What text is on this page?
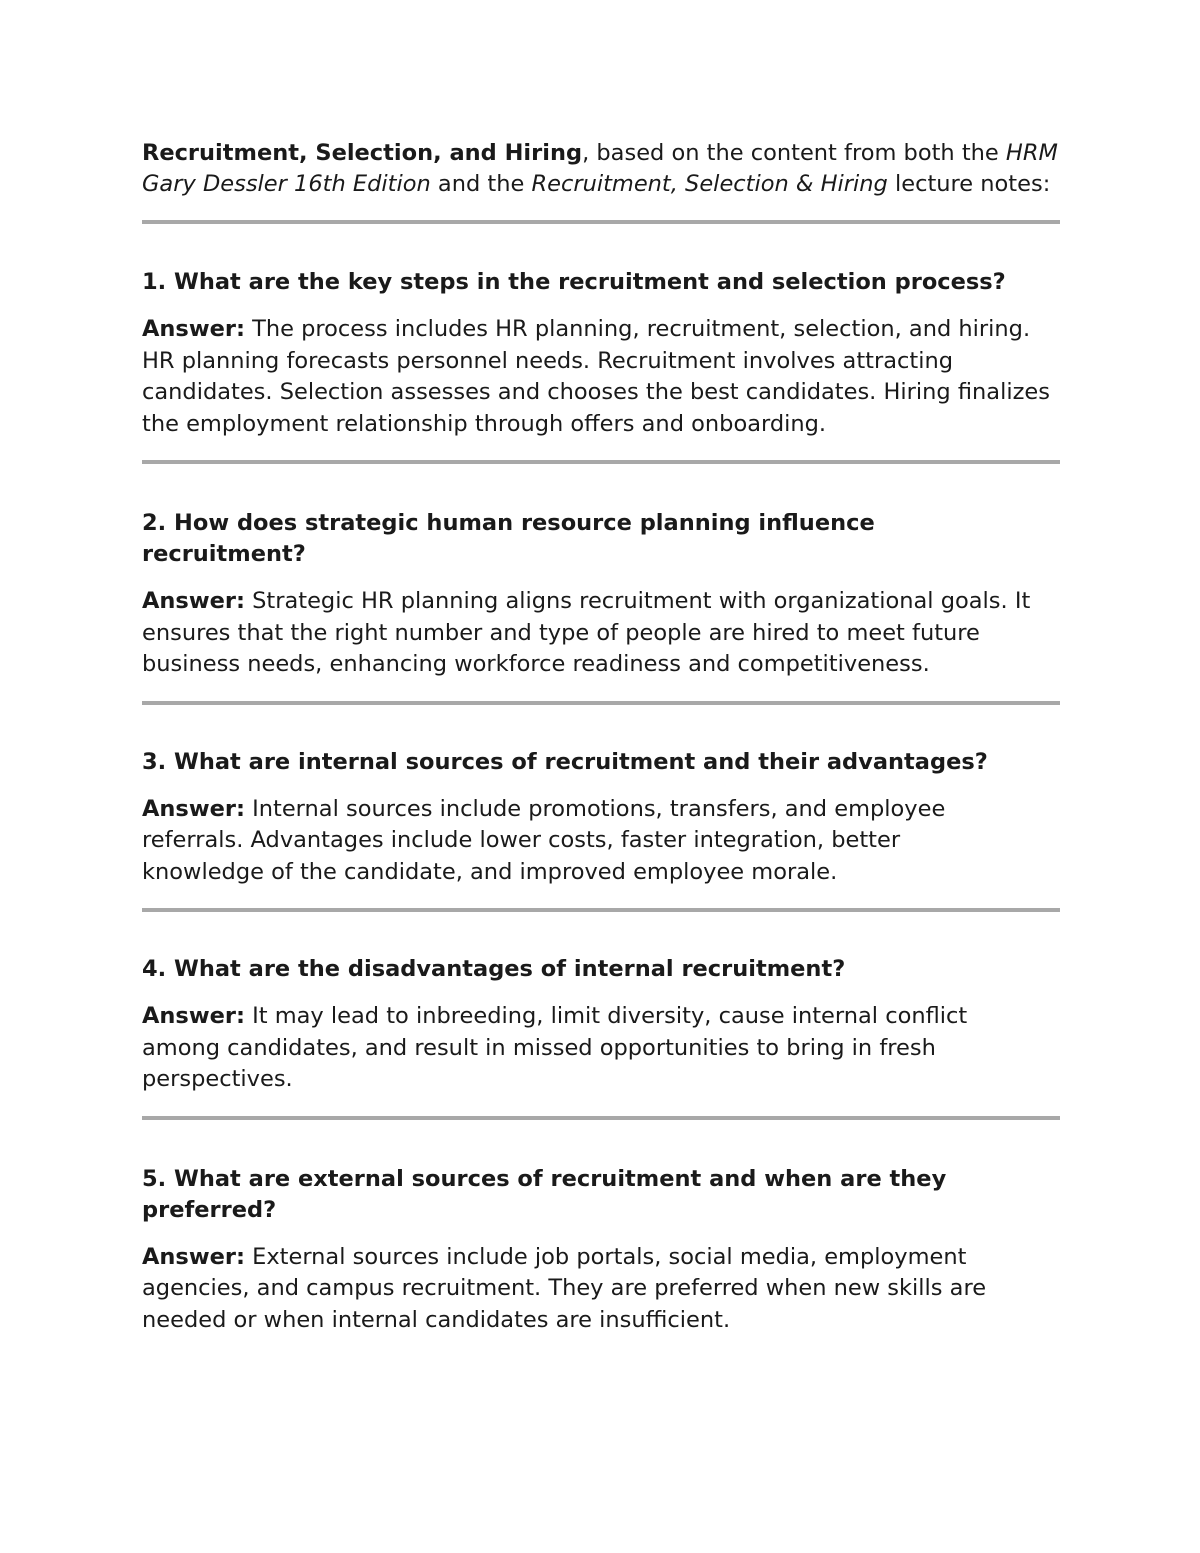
Recruitment, Selection, and Hiring, based on the content from both the HRM Gary Dessler 16th Edition and the Recruitment, Selection & Hiring lecture notes:

1. What are the key steps in the recruitment and selection process?

Answer: The process includes HR planning, recruitment, selection, and hiring. HR planning forecasts personnel needs. Recruitment involves attracting candidates. Selection assesses and chooses the best candidates. Hiring finalizes the employment relationship through offers and onboarding.

2. How does strategic human resource planning influence recruitment?

Answer: Strategic HR planning aligns recruitment with organizational goals. It ensures that the right number and type of people are hired to meet future business needs, enhancing workforce readiness and competitiveness.

3. What are internal sources of recruitment and their advantages?

Answer: Internal sources include promotions, transfers, and employee referrals. Advantages include lower costs, faster integration, better knowledge of the candidate, and improved employee morale.

4. What are the disadvantages of internal recruitment?

Answer: It may lead to inbreeding, limit diversity, cause internal conflict among candidates, and result in missed opportunities to bring in fresh perspectives.

5. What are external sources of recruitment and when are they preferred?

Answer: External sources include job portals, social media, employment agencies, and campus recruitment. They are preferred when new skills are needed or when internal candidates are insufficient.
